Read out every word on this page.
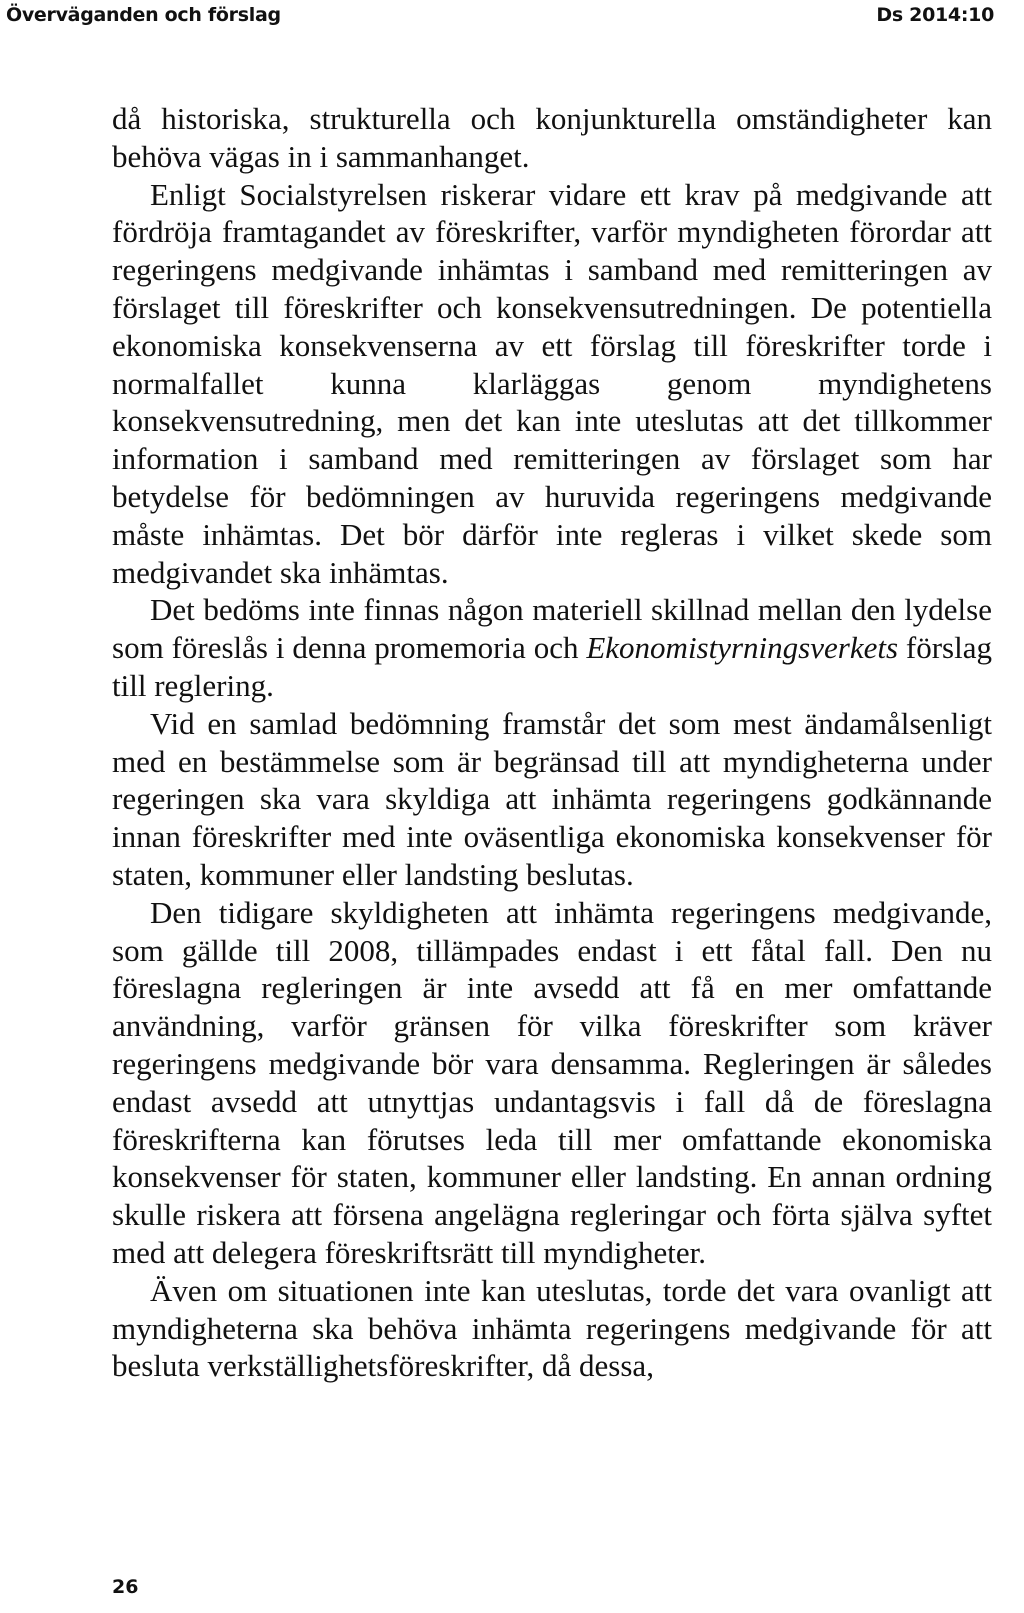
Överväganden och förslag	Ds 2014:10

då historiska, strukturella och konjunkturella omständigheter kan behöva vägas in i sammanhanget.

Enligt Socialstyrelsen riskerar vidare ett krav på medgivande att fördröja framtagandet av föreskrifter, varför myndigheten förordar att regeringens medgivande inhämtas i samband med remitteringen av förslaget till föreskrifter och konsekvensutredningen. De potentiella ekonomiska konsekvenserna av ett förslag till föreskrifter torde i normalfallet kunna klarläggas genom myndighetens konsekvensutredning, men det kan inte uteslutas att det tillkommer information i samband med remitteringen av förslaget som har betydelse för bedömningen av huruvida regeringens medgivande måste inhämtas. Det bör därför inte regleras i vilket skede som medgivandet ska inhämtas.

Det bedöms inte finnas någon materiell skillnad mellan den lydelse som föreslås i denna promemoria och Ekonomistyrningsverkets förslag till reglering.

Vid en samlad bedömning framstår det som mest ändamålsenligt med en bestämmelse som är begränsad till att myndigheterna under regeringen ska vara skyldiga att inhämta regeringens godkännande innan föreskrifter med inte oväsentliga ekonomiska konsekvenser för staten, kommuner eller landsting beslutas.

Den tidigare skyldigheten att inhämta regeringens medgivande, som gällde till 2008, tillämpades endast i ett fåtal fall. Den nu föreslagna regleringen är inte avsedd att få en mer omfattande användning, varför gränsen för vilka föreskrifter som kräver regeringens medgivande bör vara densamma. Regleringen är således endast avsedd att utnyttjas undantagsvis i fall då de föreslagna föreskrifterna kan förutses leda till mer omfattande ekonomiska konsekvenser för staten, kommuner eller landsting. En annan ordning skulle riskera att försena angelägna regleringar och förta själva syftet med att delegera föreskriftsrätt till myndigheter.

Även om situationen inte kan uteslutas, torde det vara ovanligt att myndigheterna ska behöva inhämta regeringens medgivande för att besluta verkställighetsföreskrifter, då dessa,

26
